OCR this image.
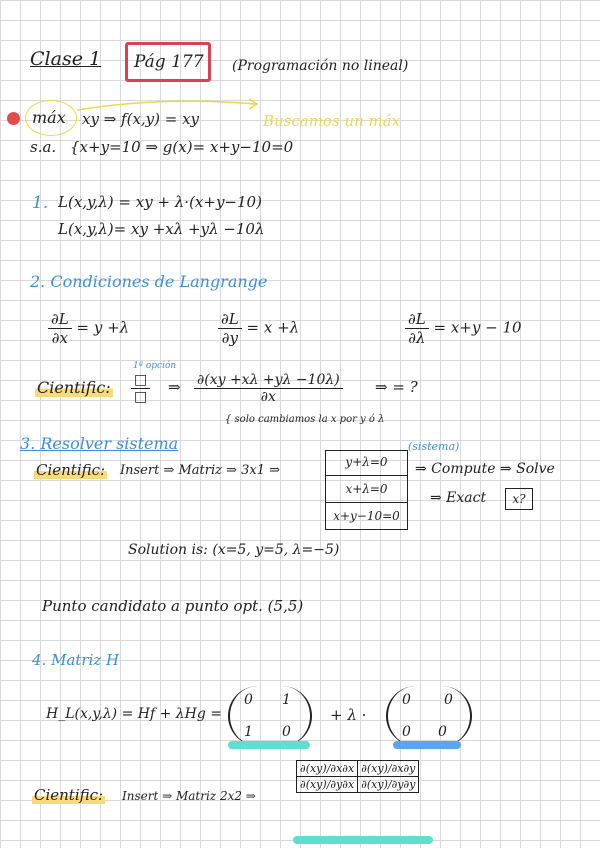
Clase 1 Pág 177 (Programación no lineal)
máx xy ⇒ f(x,y) = xy	Buscamos un máx
s.a. {x+y=10 ⇒ g(x)= x+y−10=0
1. L(x,y,λ) = xy + λ·(x+y−10)
L(x,y,λ)= xy +xλ +yλ −10λ
2. Condiciones de Langrange
$\frac{\partial L}{\partial x} = y +\lambda$	$\frac{\partial L}{\partial y} = x +\lambda$	$\frac{\partial L}{\partial\lambda} = x+y - 10$
Cientific:
1ª opción
$\frac{□}{□}$ ⇒ $\frac{\partial(xy +x\lambda +y\lambda -10\lambda)}{\partial x}$ ⇒ = ?
{ solo cambiamos la x por y ó λ
3. Resolver sistema
Cientific: Insert ⇒ Matriz ⇒ 3x1 ⇒
y+λ=0
x+λ=0
x+y−10=0
(sistema)
⇒ Compute ⇒ Solve
⇒ Exact	x?
Solution is: (x=5, y=5, λ=−5)
Punto candidato a punto opt. (5,5)
4. Matriz H
H_L(x,y,λ) = Hf + λHg =
0 1
1 0
+ λ ·
0 0
0 0
Cientific: Insert ⇒ Matriz 2x2 ⇒
∂(xy)/∂x∂x	∂(xy)/∂x∂y
∂(xy)/∂y∂x	∂(xy)/∂y∂y
